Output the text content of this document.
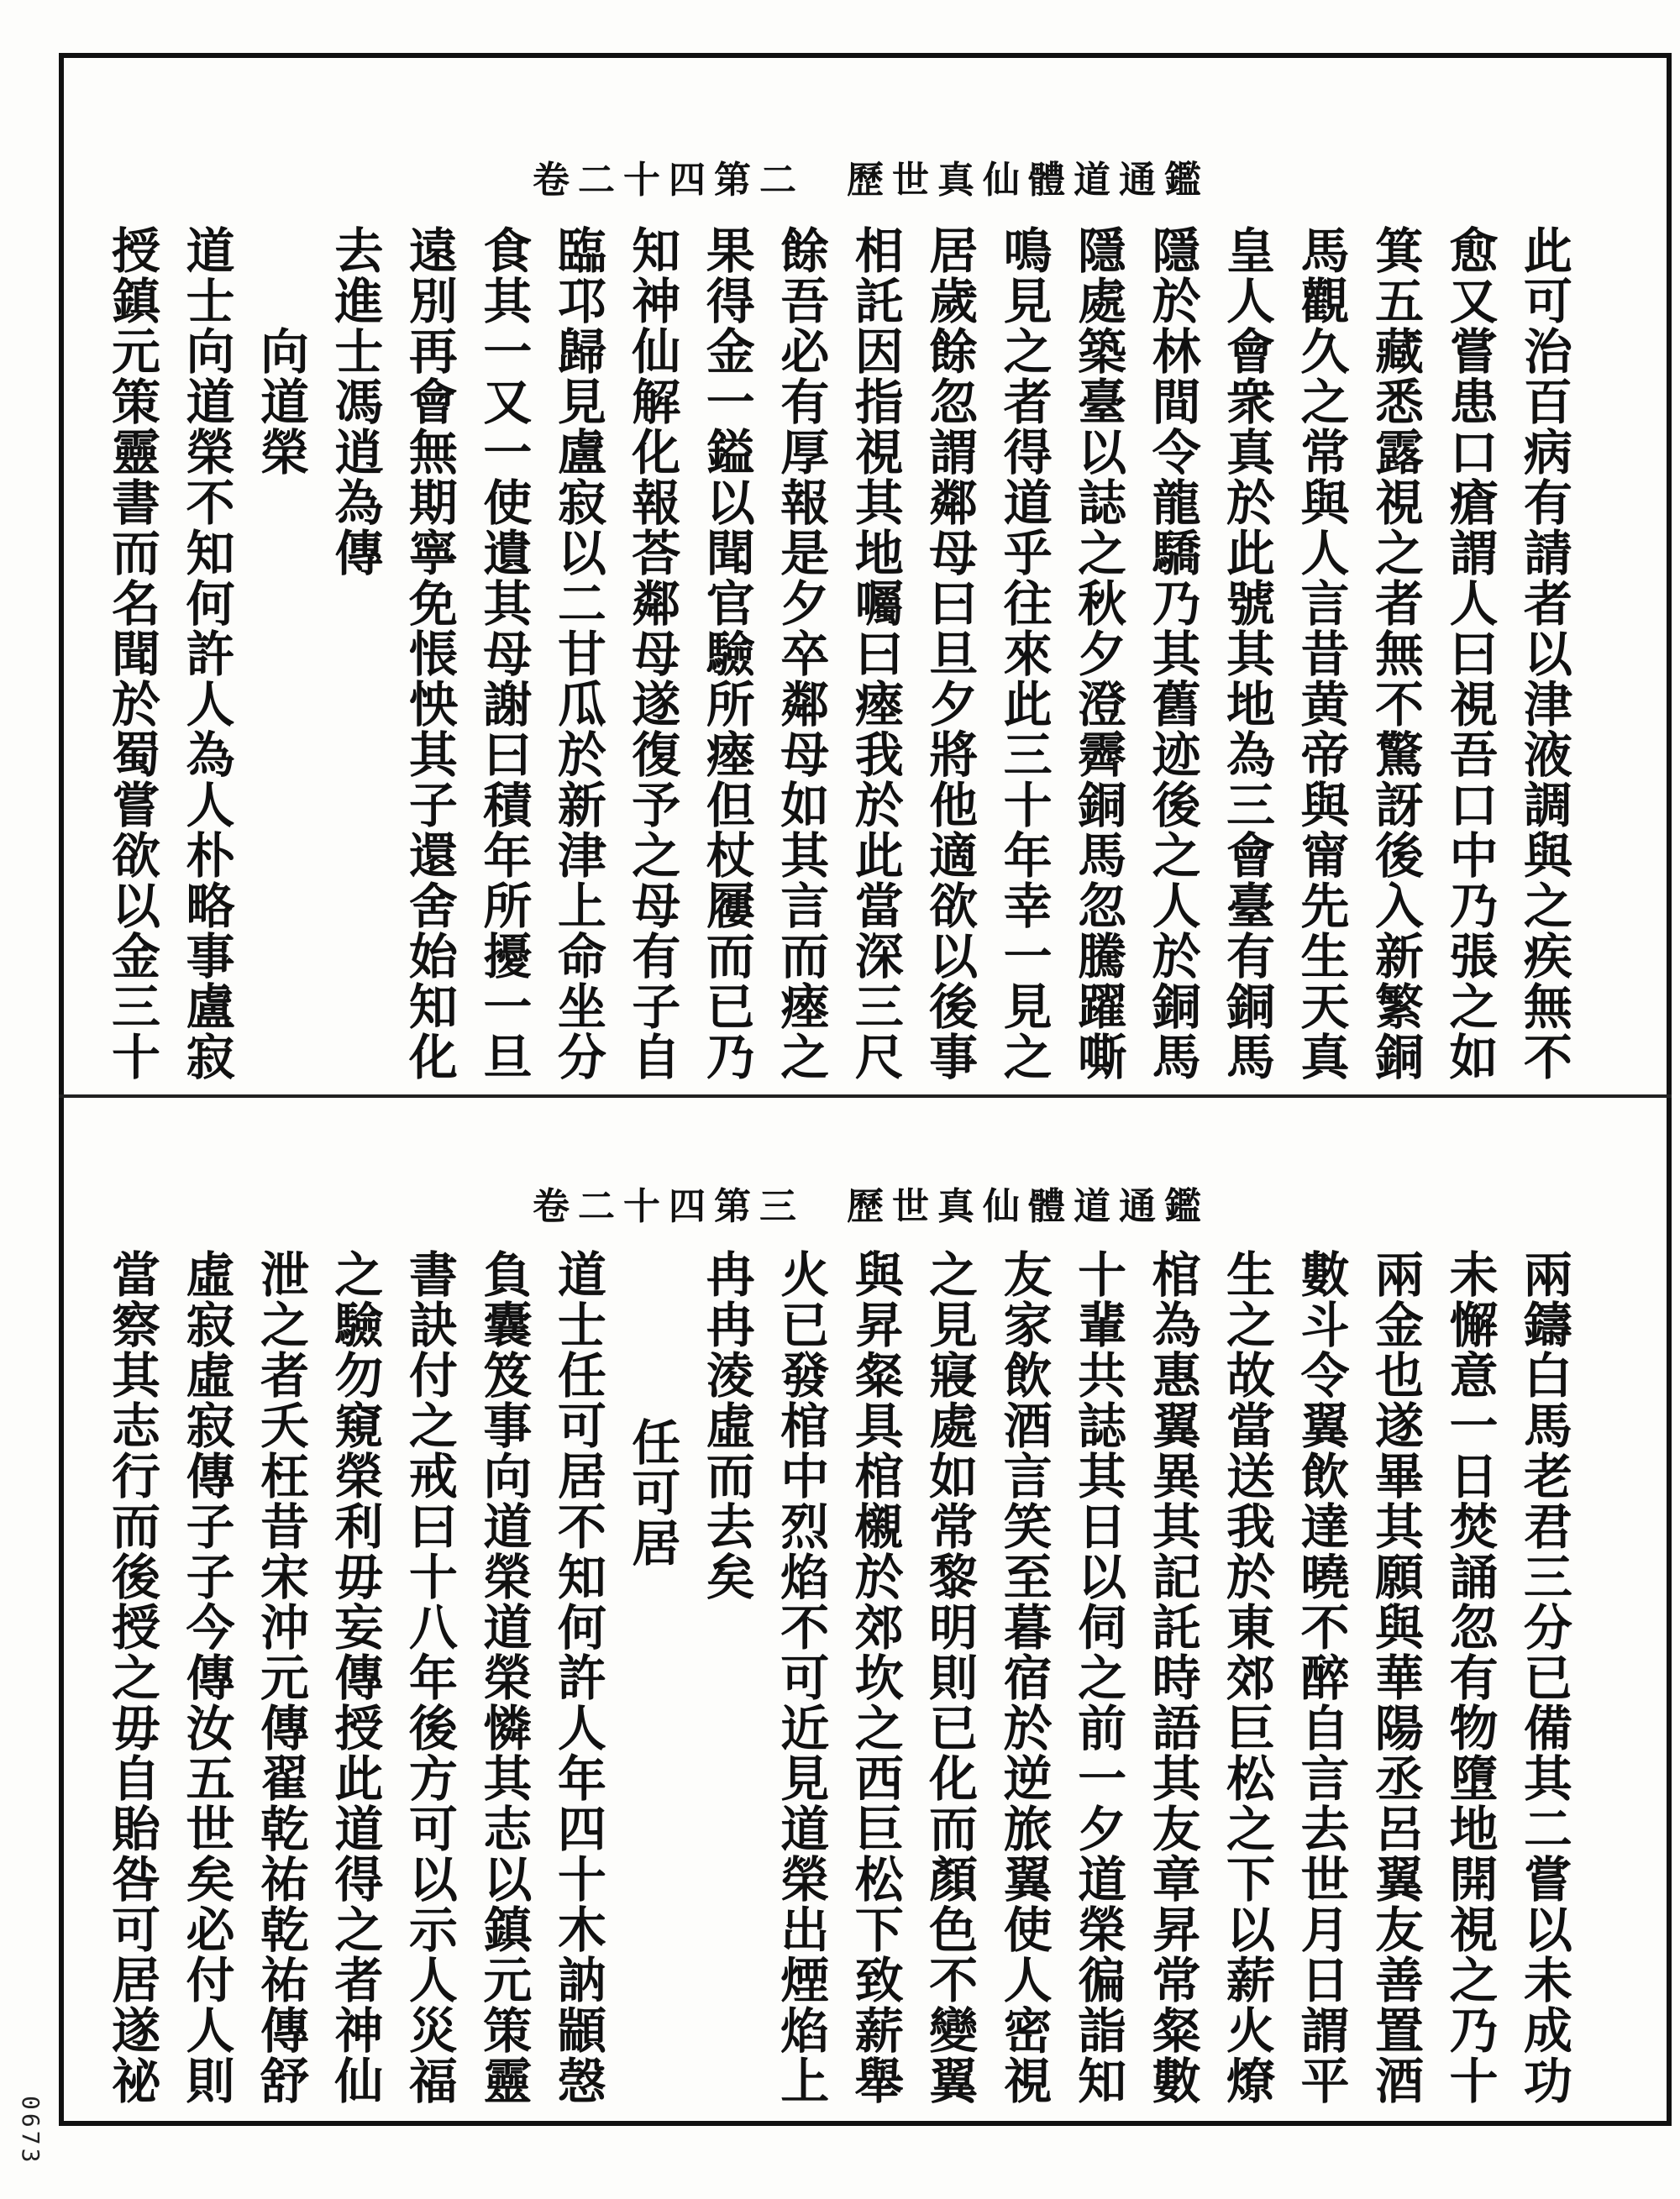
歷世真仙體道通鑑
卷二十四第二
此可治百病有請者以津液調與之疾無不
愈又嘗患口瘡謂人曰視吾口中乃張之如
箕五藏悉露視之者無不驚訝後入新繁銅
馬觀久之常與人言昔黄帝與甯先生天真
皇人會衆真於此號其地為三會臺有銅馬
隱於林間令龍驕乃其舊迹後之人於銅馬
隱處築臺以誌之秋夕澄霽銅馬忽騰躍嘶
鳴見之者得道乎往來此三十年幸一見之
居歲餘忽謂鄰母曰旦夕將他適欲以後事
相託因指視其地囑曰瘞我於此當深三尺
餘吾必有厚報是夕卒鄰母如其言而瘞之
果得金一鎰以聞官驗所瘞但杖屨而已乃
知神仙解化報荅鄰母遂復予之母有子自
臨邛歸見盧寂以二甘瓜於新津上命坐分
食其一又一使遺其母謝曰積年所擾一旦
遠別再會無期寧免悵怏其子還舍始知化
去進士馮逍為傳
向道榮
道士向道榮不知何許人為人朴略事盧寂
授鎮元策靈書而名聞於蜀嘗欲以金三十
歷世真仙體道通鑑
卷二十四第三
兩鑄白馬老君三分已備其二嘗以未成功
未懈意一日焚誦忽有物墮地開視之乃十
兩金也遂畢其願與華陽丞呂翼友善置酒
數斗令翼飲達曉不醉自言去世月日謂平
生之故當送我於東郊巨松之下以薪火燎
棺為惠翼異其記託時語其友章昇常粲數
十輩共誌其日以伺之前一夕道榮徧詣知
友家飲酒言笑至暮宿於逆旅翼使人密視
之見寢處如常黎明則已化而顏色不變翼
與昇粲具棺櫬於郊坎之西巨松下致薪舉
火已發棺中烈焰不可近見道榮出煙焰上
冉冉淩虛而去矣
任可居
道士任可居不知何許人年四十木訥顓愨
負囊笈事向道榮道榮憐其志以鎮元策靈
書訣付之戒曰十八年後方可以示人災福
之驗勿窺榮利毋妄傳授此道得之者神仙
泄之者夭枉昔宋沖元傳翟乾祐乾祐傳舒
虛寂虛寂傳子子今傳汝五世矣必付人則
當察其志行而後授之毋自貽咎可居遂祕
0673
